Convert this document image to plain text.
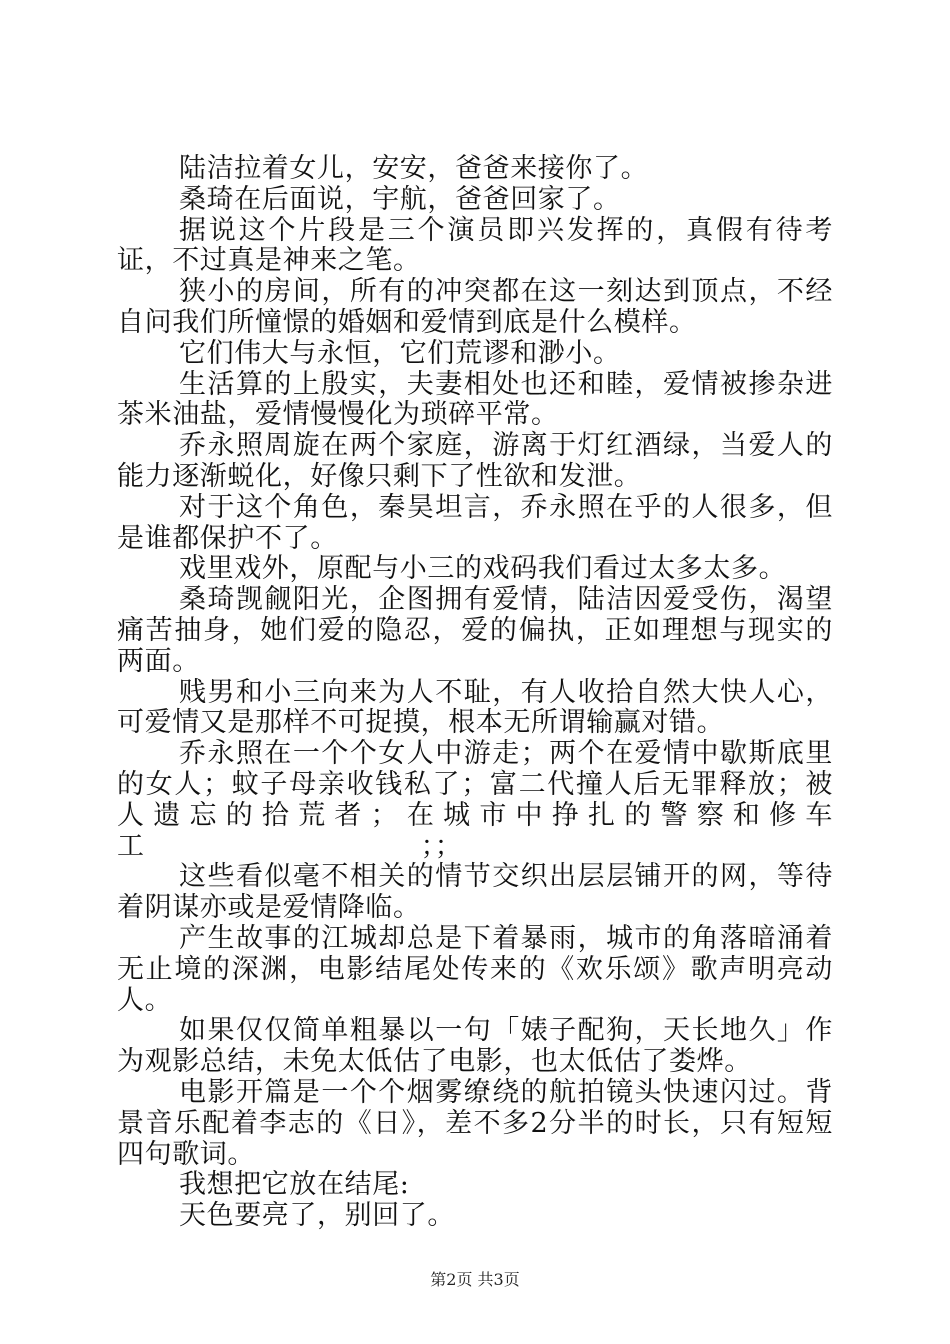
陆洁拉着女儿，安安，爸爸来接你了。

桑琦在后面说，宇航，爸爸回家了。

据说这个片段是三个演员即兴发挥的，真假有待考证，不过真是神来之笔。

狭小的房间，所有的冲突都在这一刻达到顶点，不经自问我们所憧憬的婚姻和爱情到底是什么模样。

它们伟大与永恒，它们荒谬和渺小。

生活算的上殷实，夫妻相处也还和睦，爱情被掺杂进茶米油盐，爱情慢慢化为琐碎平常。

乔永照周旋在两个家庭，游离于灯红酒绿，当爱人的能力逐渐蜕化，好像只剩下了性欲和发泄。

对于这个角色，秦昊坦言，乔永照在乎的人很多，但是谁都保护不了。

戏里戏外，原配与小三的戏码我们看过太多太多。

桑琦觊觎阳光，企图拥有爱情，陆洁因爱受伤，渴望痛苦抽身，她们爱的隐忍，爱的偏执，正如理想与现实的两面。

贱男和小三向来为人不耻，有人收拾自然大快人心，可爱情又是那样不可捉摸，根本无所谓输赢对错。

乔永照在一个个女人中游走；两个在爱情中歇斯底里的女人；蚊子母亲收钱私了；富二代撞人后无罪释放；被人遗忘的拾荒者；在城市中挣扎的警察和修车工　　　　　　　　　　；；

这些看似毫不相关的情节交织出层层铺开的网，等待着阴谋亦或是爱情降临。

产生故事的江城却总是下着暴雨，城市的角落暗涌着无止境的深渊，电影结尾处传来的《欢乐颂》歌声明亮动人。

如果仅仅简单粗暴以一句「婊子配狗，天长地久」作为观影总结，未免太低估了电影，也太低估了娄烨。

电影开篇是一个个烟雾缭绕的航拍镜头快速闪过。背景音乐配着李志的《日》，差不多2分半的时长，只有短短四句歌词。

我想把它放在结尾:

天色要亮了，别回了。

第2页 共3页
